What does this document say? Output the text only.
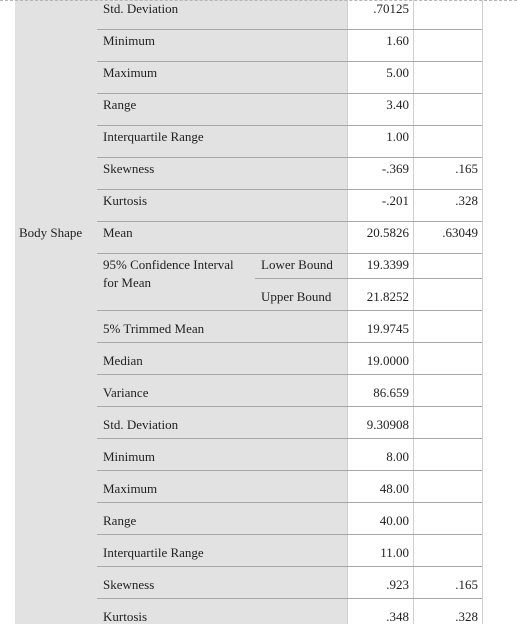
Std. Deviation	.70125
Minimum	1.60
Maximum	5.00
Range	3.40
Interquartile Range	1.00
Skewness	-.369	.165
Kurtosis	-.201	.328
Body Shape Mean	20.5826	.63049
95% Confidence Interval
for Mean
Lower Bound	19.3399
Upper Bound	21.8252
5% Trimmed Mean	19.9745
Median	19.0000
Variance	86.659
Std. Deviation	9.30908
Minimum	8.00
Maximum	48.00
Range	40.00
Interquartile Range	11.00
Skewness	.923	.165
Kurtosis	.348	.328
